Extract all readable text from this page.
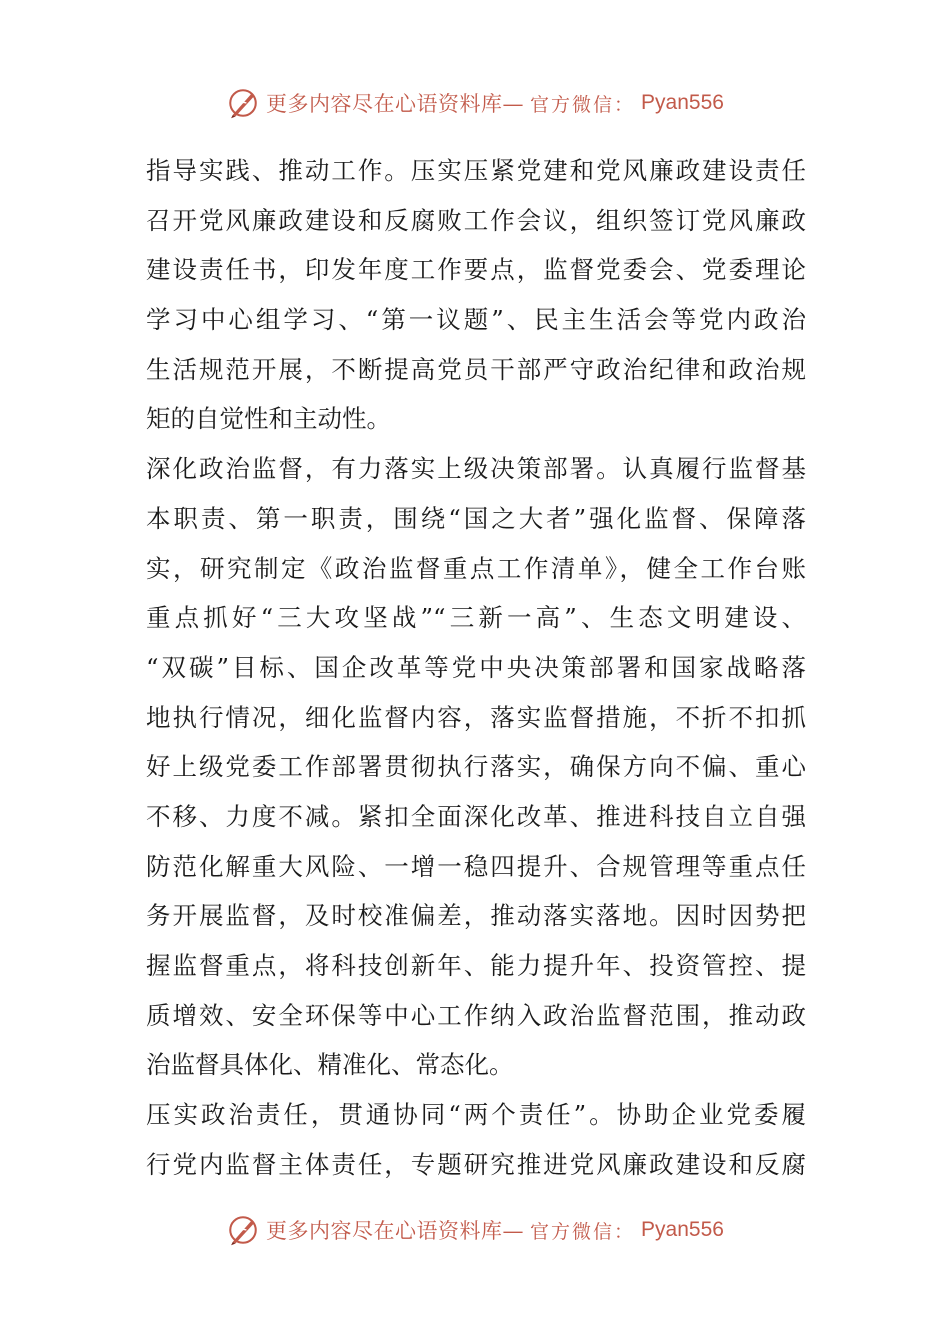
更多内容尽在心语资料库— 官方微信： Pyan556
指导实践、推动工作。压实压紧党建和党风廉政建设责任
召开党风廉政建设和反腐败工作会议，组织签订党风廉政
建设责任书，印发年度工作要点，监督党委会、党委理论
学习中心组学习、“第一议题”、民主生活会等党内政治
生活规范开展，不断提高党员干部严守政治纪律和政治规
矩的自觉性和主动性。
深化政治监督，有力落实上级决策部署。认真履行监督基
本职责、第一职责，围绕“国之大者”强化监督、保障落
实，研究制定《政治监督重点工作清单》，健全工作台账
重点抓好“三大攻坚战”“三新一高”、生态文明建设、
“双碳”目标、国企改革等党中央决策部署和国家战略落
地执行情况，细化监督内容，落实监督措施，不折不扣抓
好上级党委工作部署贯彻执行落实，确保方向不偏、重心
不移、力度不减。紧扣全面深化改革、推进科技自立自强
防范化解重大风险、一增一稳四提升、合规管理等重点任
务开展监督，及时校准偏差，推动落实落地。因时因势把
握监督重点，将科技创新年、能力提升年、投资管控、提
质增效、安全环保等中心工作纳入政治监督范围，推动政
治监督具体化、精准化、常态化。
压实政治责任，贯通协同“两个责任”。协助企业党委履
行党内监督主体责任，专题研究推进党风廉政建设和反腐
更多内容尽在心语资料库— 官方微信： Pyan556
